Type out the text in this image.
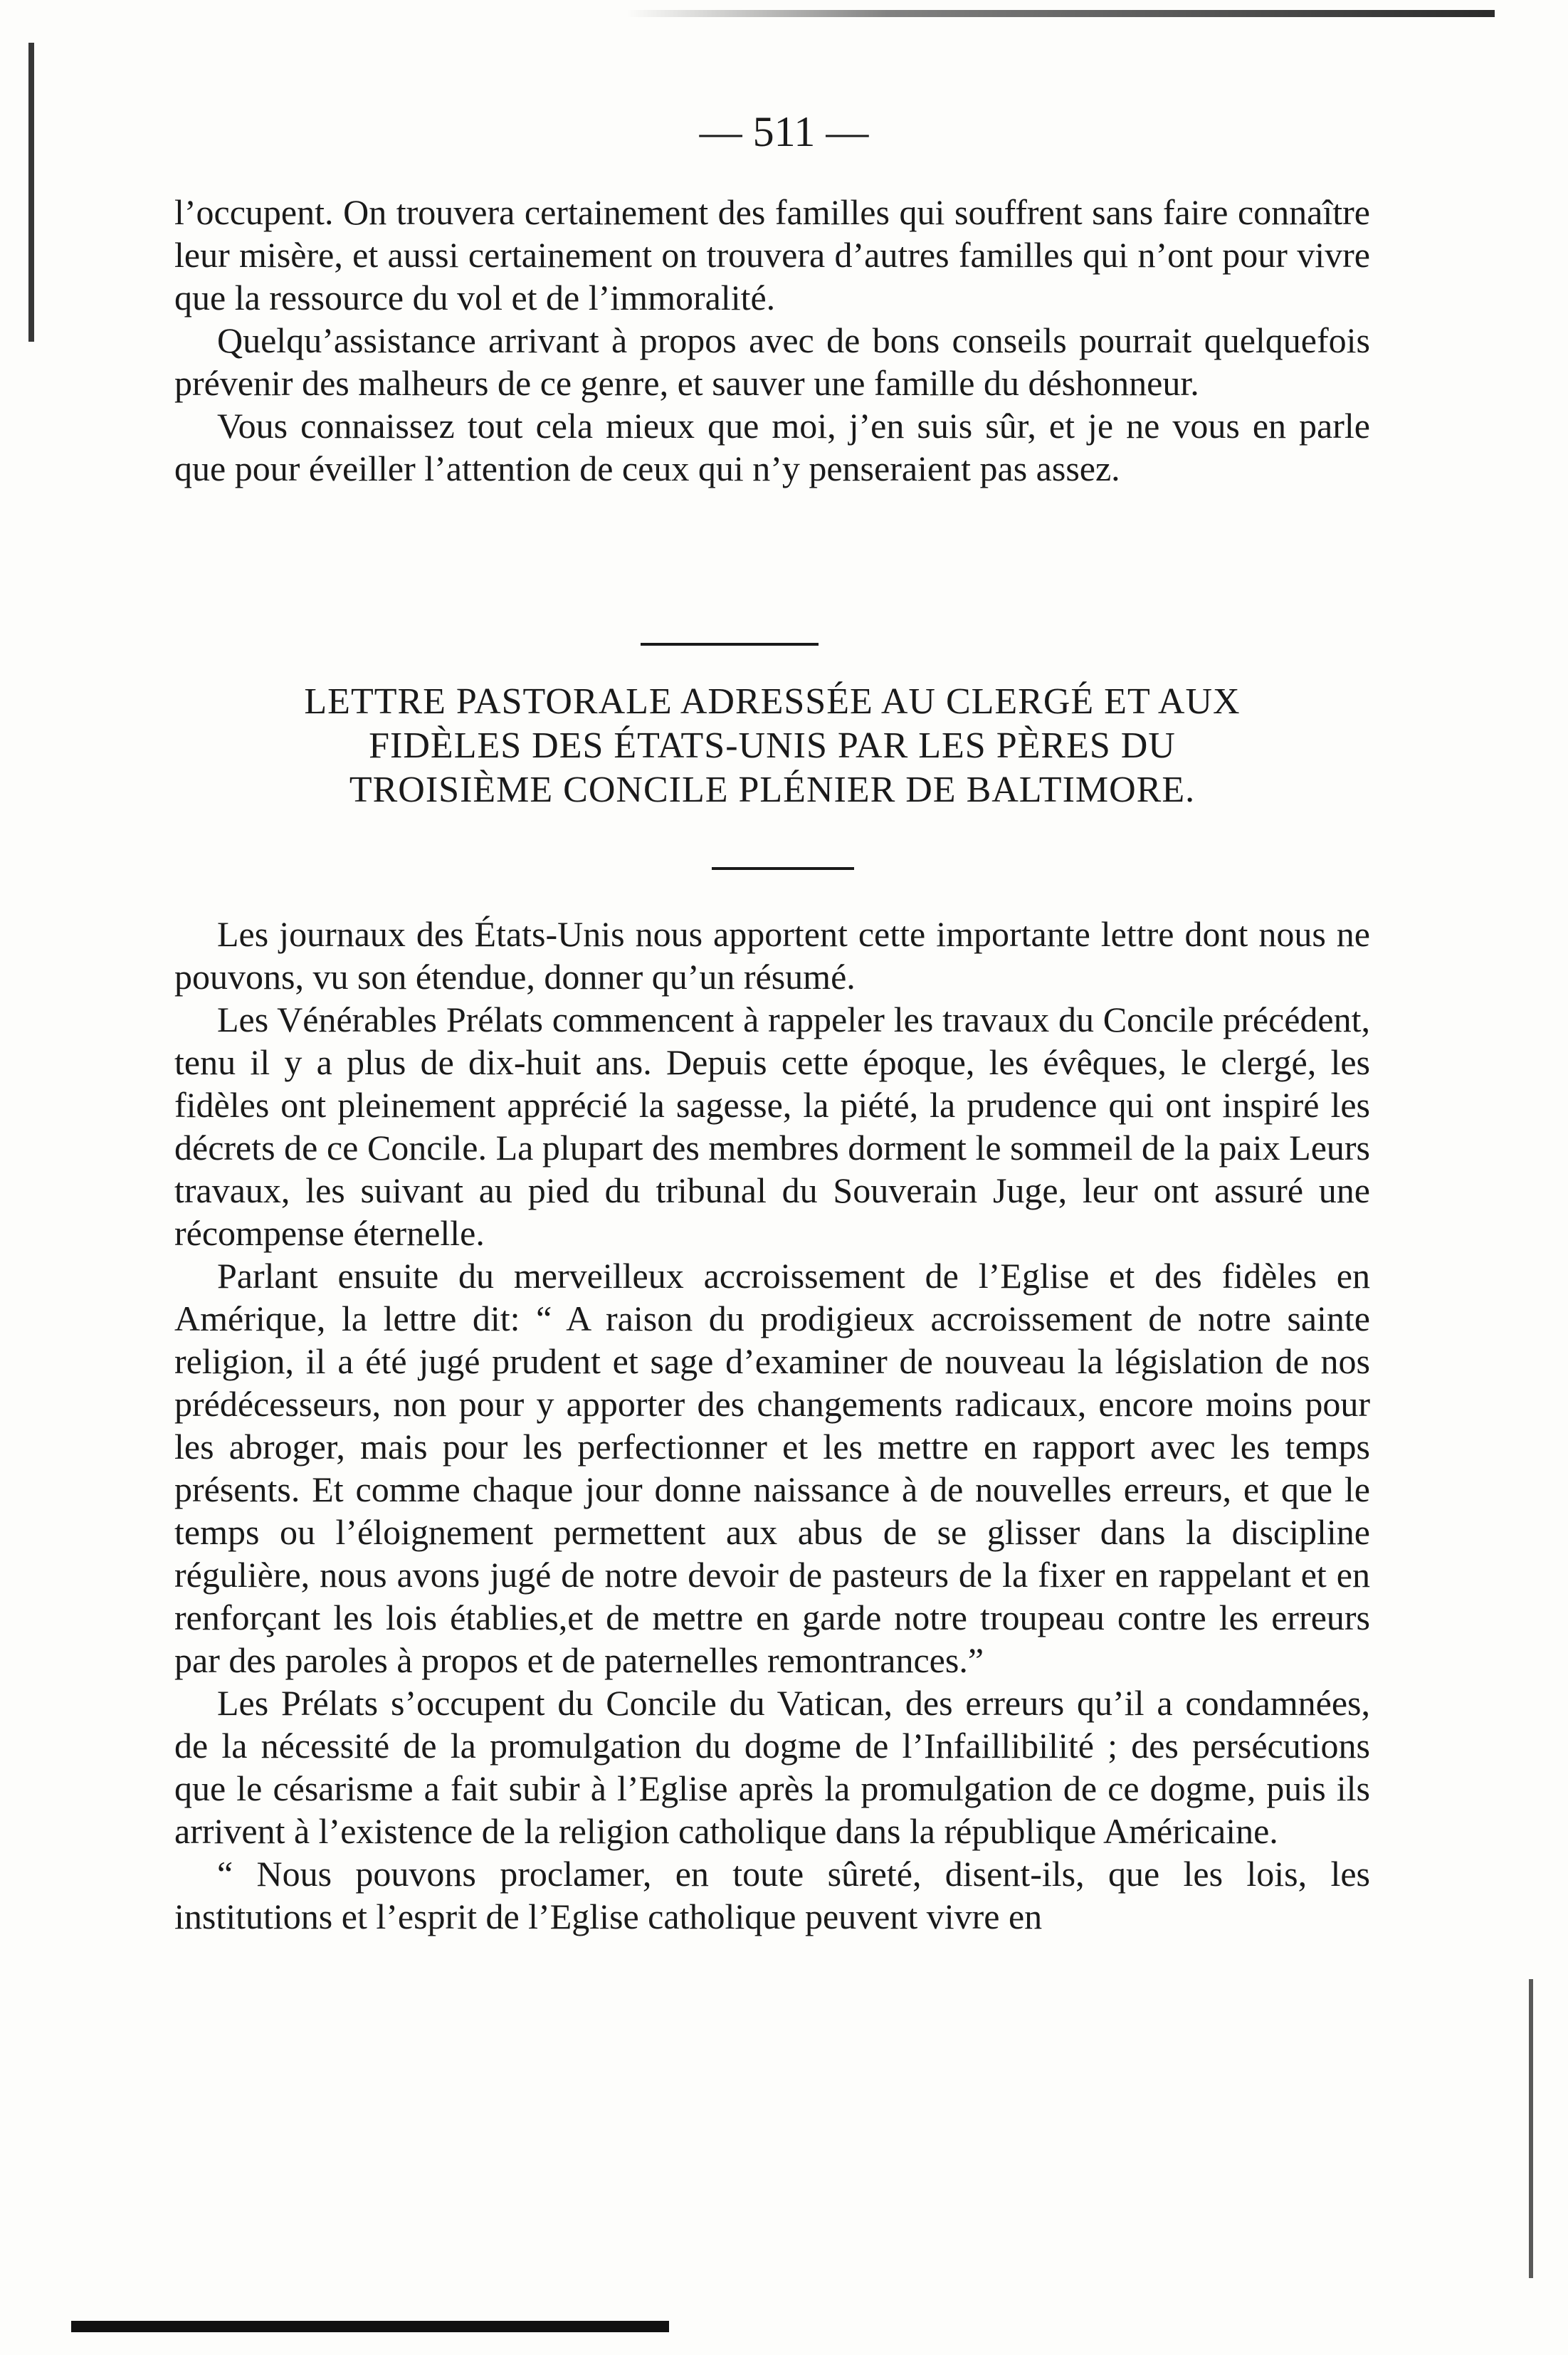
— 511 —

l’occupent. On trouvera certainement des familles qui souffrent sans faire connaître leur misère, et aussi certainement on trouvera d’autres familles qui n’ont pour vivre que la ressource du vol et de l’immoralité.

Quelqu’assistance arrivant à propos avec de bons conseils pourrait quelquefois prévenir des malheurs de ce genre, et sauver une famille du déshonneur.

Vous connaissez tout cela mieux que moi, j’en suis sûr, et je ne vous en parle que pour éveiller l’attention de ceux qui n’y penseraient pas assez.

LETTRE PASTORALE ADRESSÉE AU CLERGÉ ET AUX
FIDÈLES DES ÉTATS-UNIS PAR LES PÈRES DU
TROISIÈME CONCILE PLÉNIER DE BALTIMORE.

Les journaux des États-Unis nous apportent cette importante lettre dont nous ne pouvons, vu son étendue, donner qu’un résumé.

Les Vénérables Prélats commencent à rappeler les travaux du Concile précédent, tenu il y a plus de dix-huit ans. Depuis cette époque, les évêques, le clergé, les fidèles ont pleinement apprécié la sagesse, la piété, la prudence qui ont inspiré les décrets de ce Concile. La plupart des membres dorment le sommeil de la paix Leurs travaux, les suivant au pied du tribunal du Souverain Juge, leur ont assuré une récompense éternelle.

Parlant ensuite du merveilleux accroissement de l’Eglise et des fidèles en Amérique, la lettre dit: “ A raison du prodigieux accroissement de notre sainte religion, il a été jugé prudent et sage d’examiner de nouveau la législation de nos prédécesseurs, non pour y apporter des changements radicaux, encore moins pour les abroger, mais pour les perfectionner et les mettre en rapport avec les temps présents. Et comme chaque jour donne naissance à de nouvelles erreurs, et que le temps ou l’éloignement permettent aux abus de se glisser dans la discipline régulière, nous avons jugé de notre devoir de pasteurs de la fixer en rappelant et en renforçant les lois établies,et de mettre en garde notre troupeau contre les erreurs par des paroles à propos et de paternelles remontrances.”

Les Prélats s’occupent du Concile du Vatican, des erreurs qu’il a condamnées, de la nécessité de la promulgation du dogme de l’Infaillibilité ; des persécutions que le césarisme a fait subir à l’Eglise après la promulgation de ce dogme, puis ils arrivent à l’existence de la religion catholique dans la république Américaine.

“ Nous pouvons proclamer, en toute sûreté, disent-ils, que les lois, les institutions et l’esprit de l’Eglise catholique peuvent vivre en
